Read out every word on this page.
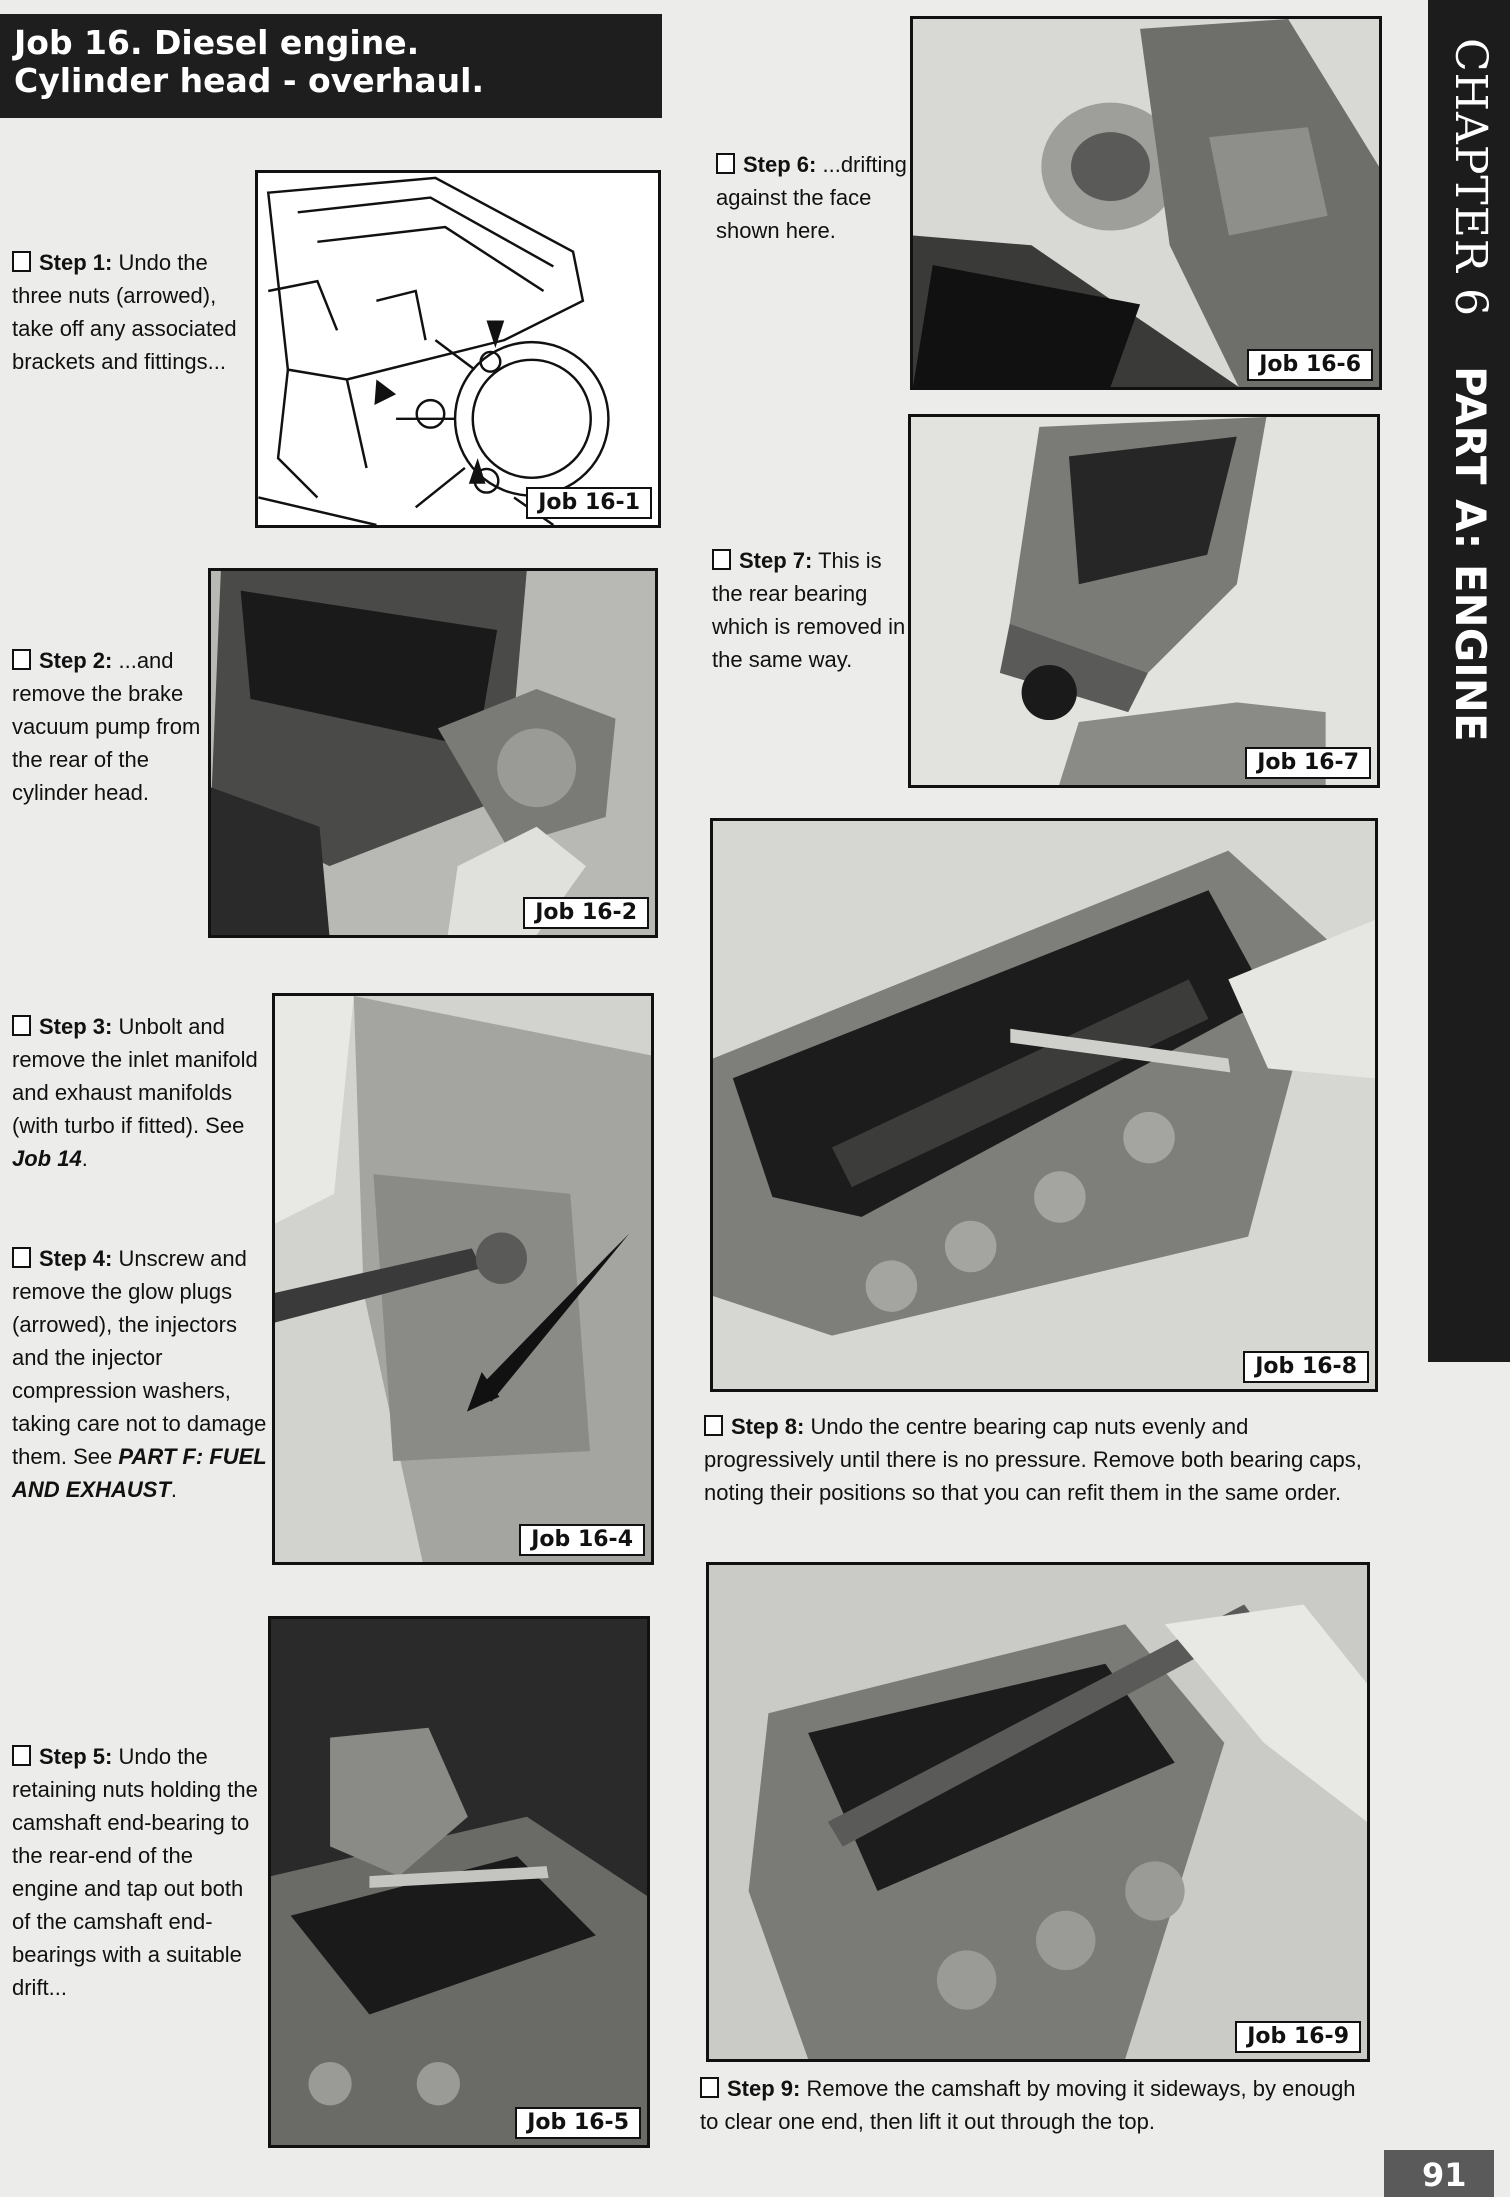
Job 16. Diesel engine.
Cylinder head - overhaul.	CHAPTER 6 PART A: ENGINE
Step 1: Undo the three nuts (arrowed), take off any associated brackets and fittings...
Job 16-1
Step 2: ...and remove the brake vacuum pump from the rear of the cylinder head.
Job 16-2
Step 3: Unbolt and remove the inlet manifold and exhaust manifolds (with turbo if fitted). See Job 14.
Step 4: Unscrew and remove the glow plugs (arrowed), the injectors and the injector compression washers, taking care not to damage them. See PART F: FUEL AND EXHAUST.
Job 16-4
Step 5: Undo the retaining nuts holding the camshaft end-bearing to the rear-end of the engine and tap out both of the camshaft end-bearings with a suitable drift...
Job 16-5
Step 6: ...drifting against the face shown here.
Job 16-6
Step 7: This is the rear bearing which is removed in the same way.
Job 16-7
Job 16-8
Step 8: Undo the centre bearing cap nuts evenly and progressively until there is no pressure. Remove both bearing caps, noting their positions so that you can refit them in the same order.
Job 16-9
Step 9: Remove the camshaft by moving it sideways, by enough to clear one end, then lift it out through the top.
91
